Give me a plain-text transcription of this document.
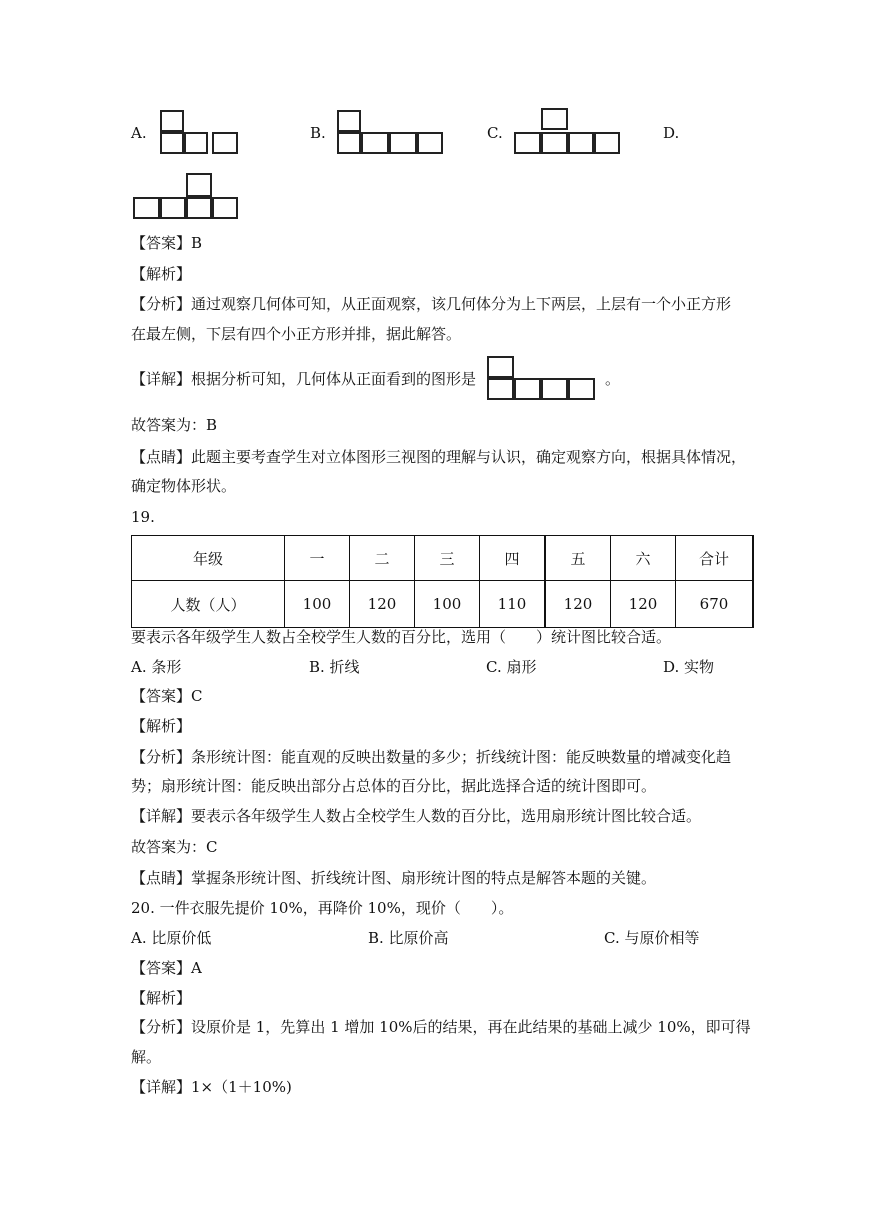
A.	B.	C.	D.
【答案】B
【解析】
【分析】通过观察几何体可知，从正面观察，该几何体分为上下两层，上层有一个小正方形
在最左侧，下层有四个小正方形并排，据此解答。
【详解】根据分析可知，几何体从正面看到的图形是	。
故答案为：B
【点睛】此题主要考查学生对立体图形三视图的理解与认识，确定观察方向，根据具体情况，
确定物体形状。
19.
年级	一	二	三	四	五	六	合计
人数（人）	100	120	100	110	120	120	670
要表示各年级学生人数占全校学生人数的百分比，选用（　　）统计图比较合适。
A. 条形	B. 折线	C. 扇形	D. 实物
【答案】C
【解析】
【分析】条形统计图：能直观的反映出数量的多少；折线统计图：能反映数量的增减变化趋
势；扇形统计图：能反映出部分占总体的百分比，据此选择合适的统计图即可。
【详解】要表示各年级学生人数占全校学生人数的百分比，选用扇形统计图比较合适。
故答案为：C
【点睛】掌握条形统计图、折线统计图、扇形统计图的特点是解答本题的关键。
20. 一件衣服先提价 10%，再降价 10%，现价（　　）。
A. 比原价低	B. 比原价高	C. 与原价相等
【答案】A
【解析】
【分析】设原价是 1，先算出 1 增加 10%后的结果，再在此结果的基础上减少 10%，即可得
解。
【详解】1×（1＋10%)
